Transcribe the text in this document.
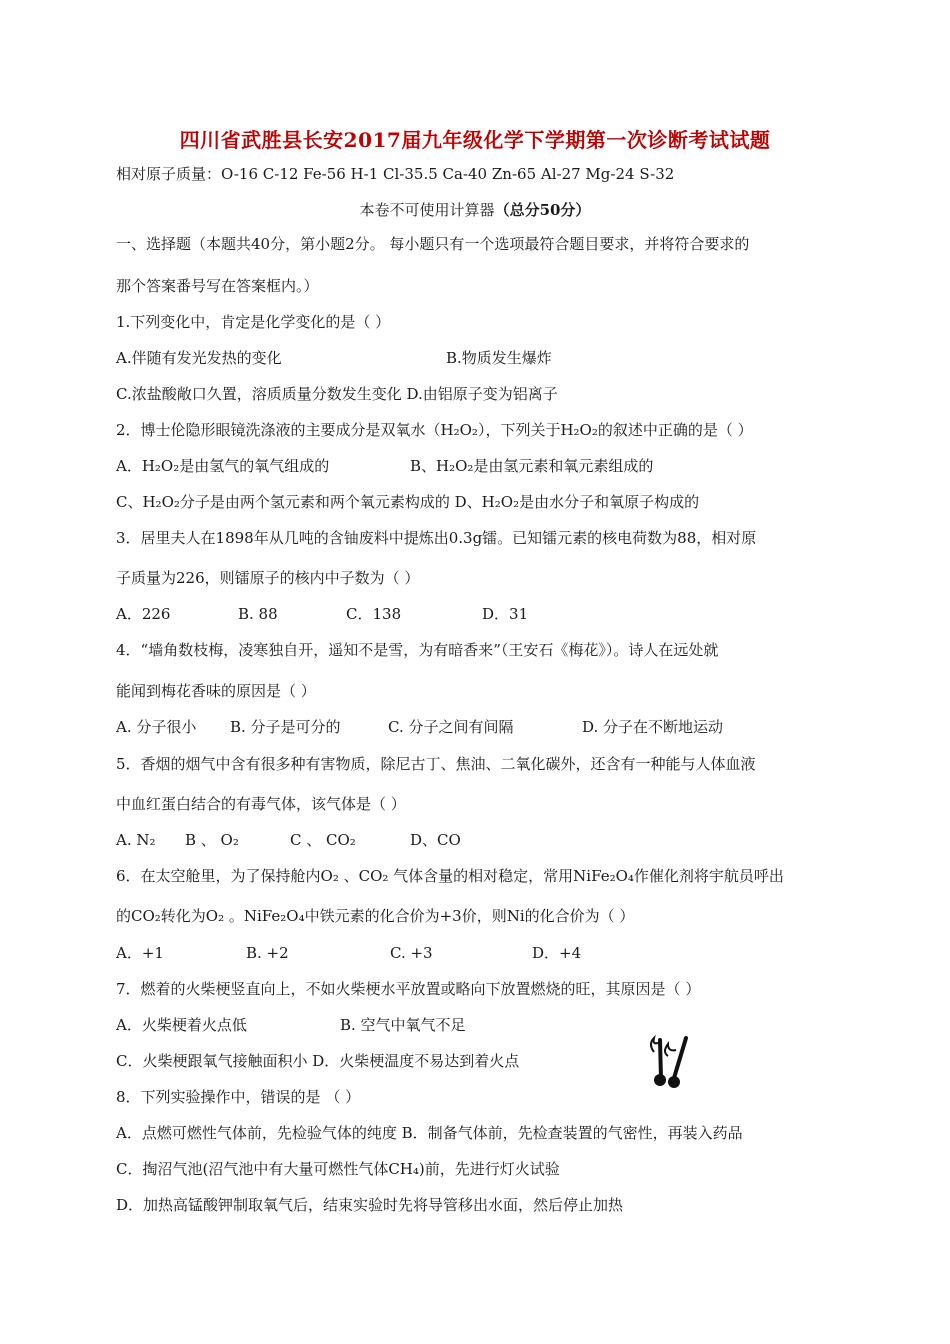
四川省武胜县长安2017届九年级化学下学期第一次诊断考试试题
相对原子质量：O-16 C-12 Fe-56 H-1 Cl-35.5 Ca-40 Zn-65 Al-27 Mg-24 S-32
本卷不可使用计算器（总分50分）
一、选择题（本题共40分，第小题2分。 每小题只有一个选项最符合题目要求，并将符合要求的
那个答案番号写在答案框内。）
1.下列变化中，肯定是化学变化的是（ ）
A.伴随有发光发热的变化	B.物质发生爆炸
C.浓盐酸敞口久置，溶质质量分数发生变化 D.由铝原子变为铝离子
2．博士伦隐形眼镜洗涤液的主要成分是双氧水（H₂O₂），下列关于H₂O₂的叙述中正确的是（ ）
A．H₂O₂是由氢气的氧气组成的	B、H₂O₂是由氢元素和氧元素组成的
C、H₂O₂分子是由两个氢元素和两个氧元素构成的 D、H₂O₂是由水分子和氧原子构成的
3．居里夫人在1898年从几吨的含铀废料中提炼出0.3g镭。已知镭元素的核电荷数为88，相对原
子质量为226，则镭原子的核内中子数为（ ）
A．226	B. 88	C．138	D．31
4．“墙角数枝梅，凌寒独自开，遥知不是雪，为有暗香来”（王安石《梅花》）。诗人在远处就
能闻到梅花香味的原因是（ ）
A. 分子很小 B. 分子是可分的	C. 分子之间有间隔	D. 分子在不断地运动
5．香烟的烟气中含有很多种有害物质，除尼古丁、焦油、二氧化碳外，还含有一种能与人体血液
中血红蛋白结合的有毒气体，该气体是（ ）
A. N₂ B 、 O₂	C 、 CO₂	D、CO
6．在太空舱里，为了保持舱内O₂ 、CO₂ 气体含量的相对稳定，常用NiFe₂O₄作催化剂将宇航员呼出
的CO₂转化为O₂ 。NiFe₂O₄中铁元素的化合价为+3价，则Ni的化合价为（ ）
A．+1	B. +2	C. +3	D．+4
7．燃着的火柴梗竖直向上，不如火柴梗水平放置或略向下放置燃烧的旺，其原因是（ ）
A．火柴梗着火点低	B. 空气中氧气不足
C．火柴梗跟氧气接触面积小 D．火柴梗温度不易达到着火点
8．下列实验操作中，错误的是 （ ）
A．点燃可燃性气体前，先检验气体的纯度 B．制备气体前，先检查装置的气密性，再装入药品
C．掏沼气池(沼气池中有大量可燃性气体CH₄)前，先进行灯火试验
D．加热高锰酸钾制取氧气后，结束实验时先将导管移出水面，然后停止加热
